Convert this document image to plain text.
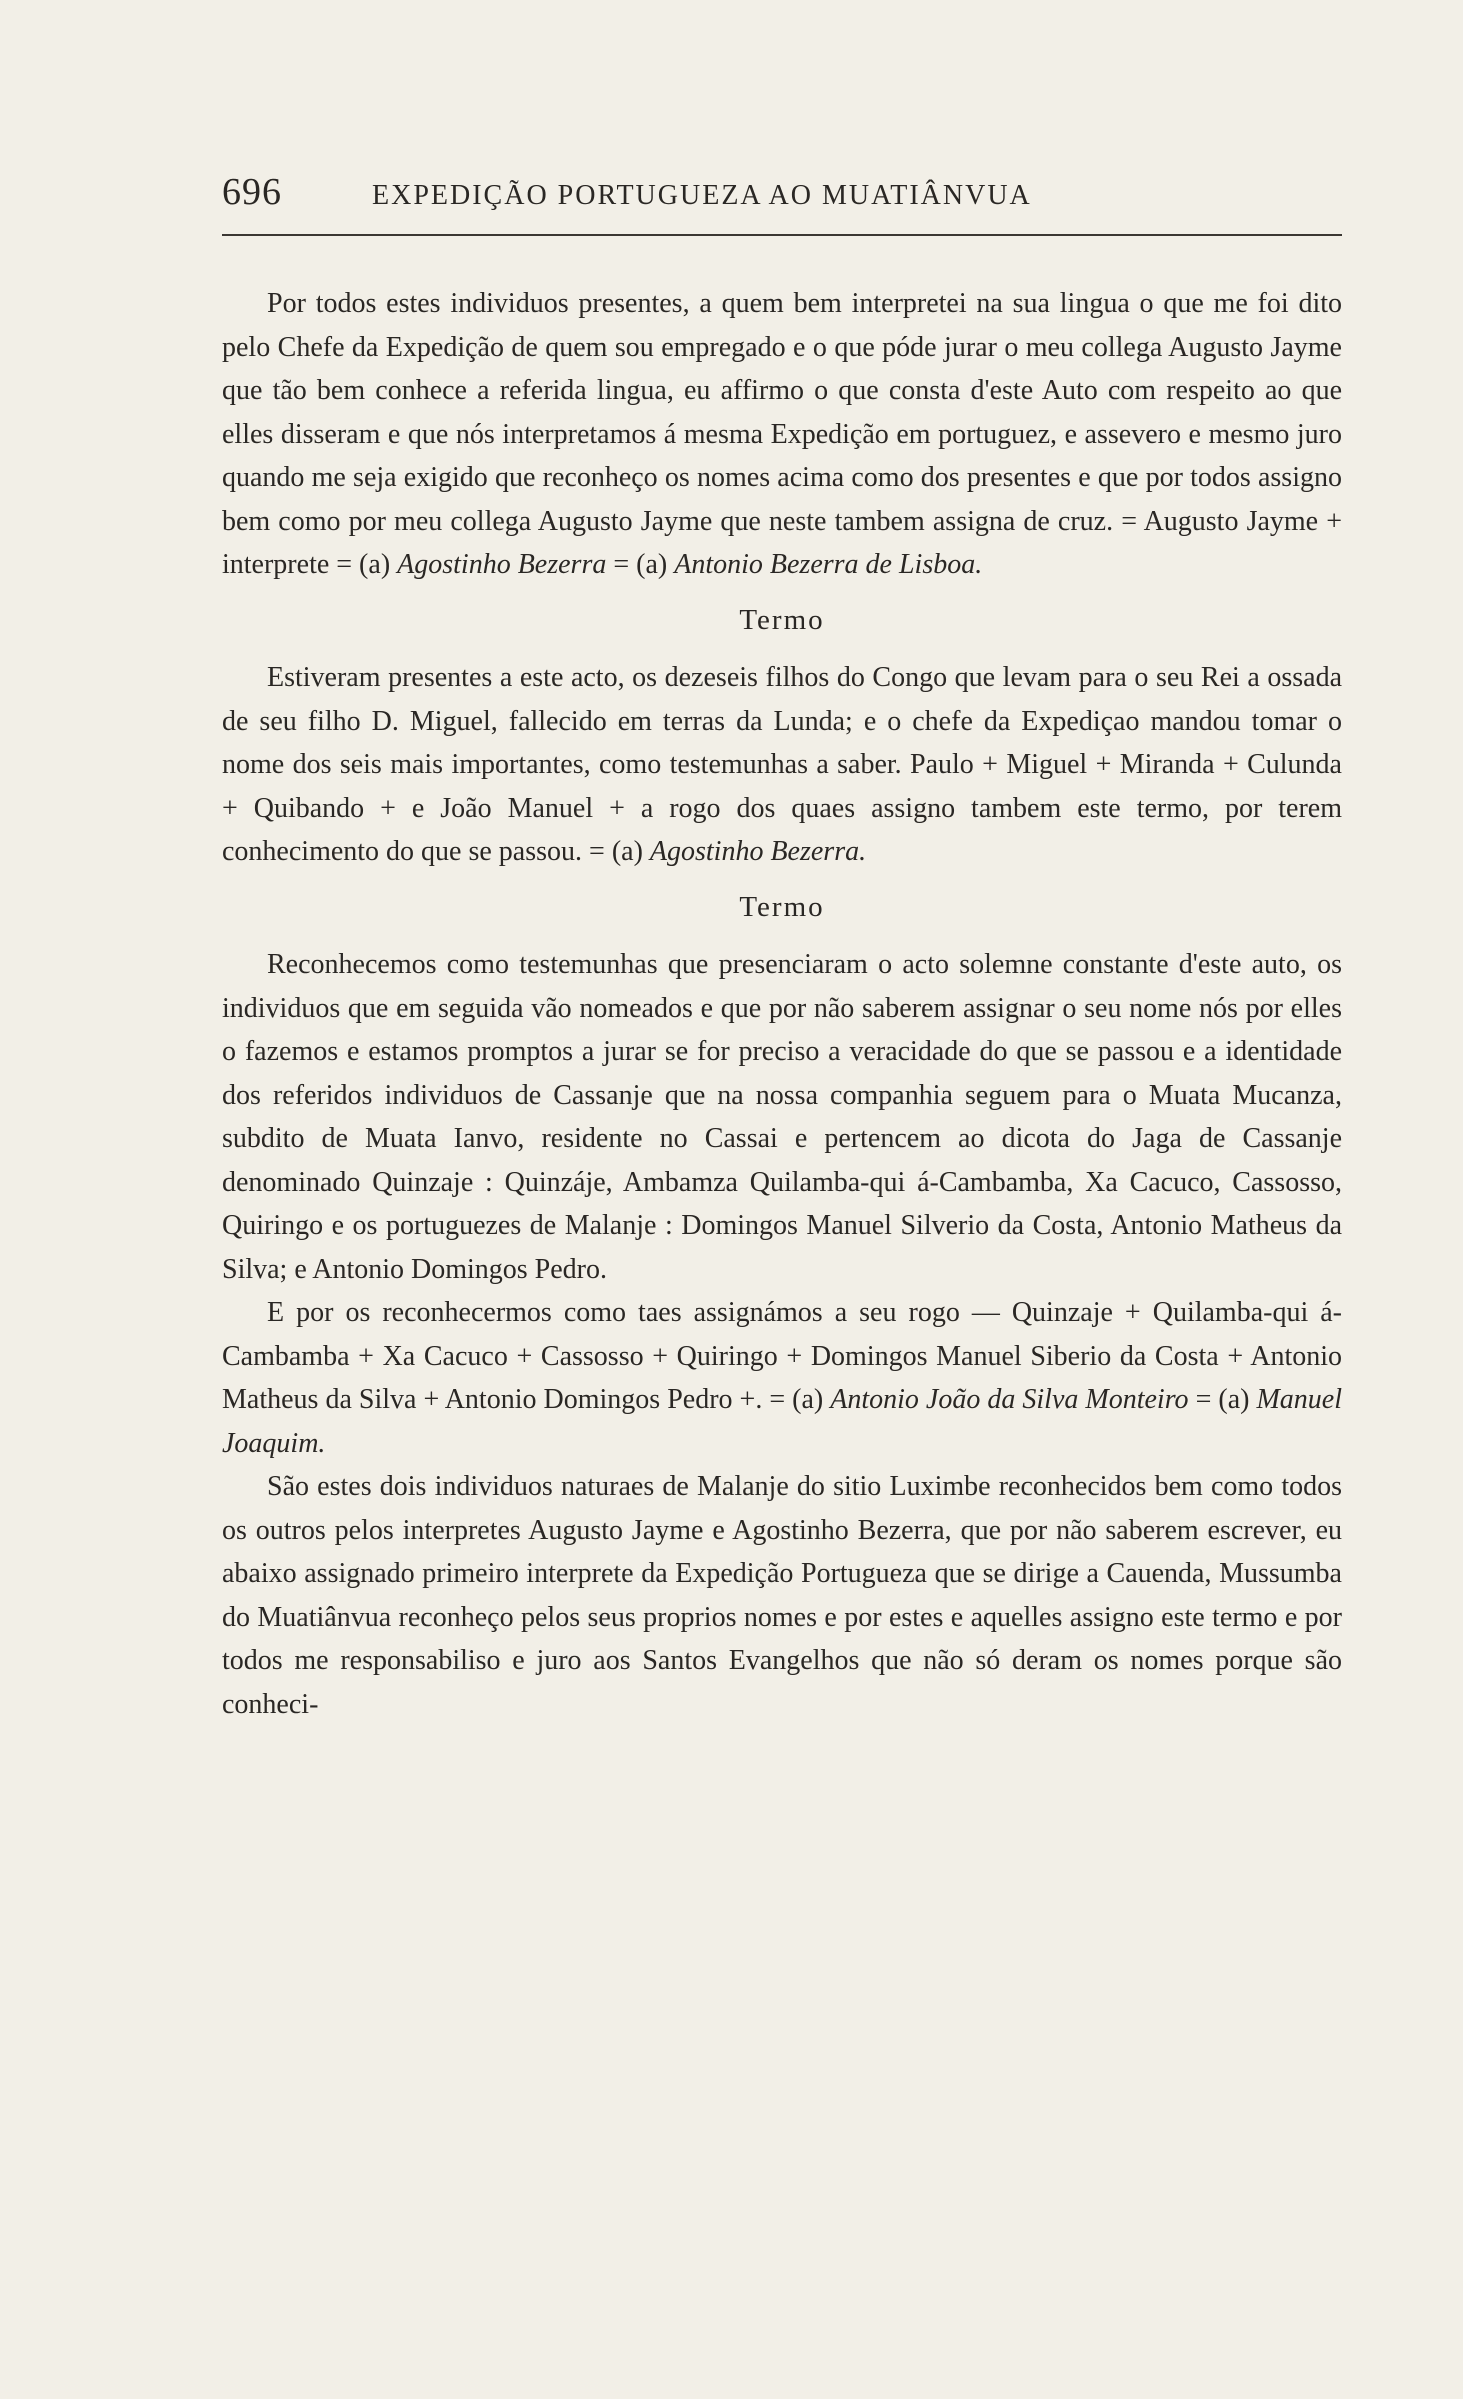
696	EXPEDIÇÃO PORTUGUEZA AO MUATIÂNVUA

Por todos estes individuos presentes, a quem bem interpretei na sua lingua o que me foi dito pelo Chefe da Expedição de quem sou empregado e o que póde jurar o meu collega Augusto Jayme que tão bem conhece a referida lingua, eu affirmo o que consta d'este Auto com respeito ao que elles disseram e que nós interpretamos á mesma Expedição em portuguez, e assevero e mesmo juro quando me seja exigido que reconheço os nomes acima como dos presentes e que por todos assigno bem como por meu collega Augusto Jayme que neste tambem assigna de cruz. = Augusto Jayme + interprete = (a) Agostinho Bezerra = (a) Antonio Bezerra de Lisboa.

Termo

Estiveram presentes a este acto, os dezeseis filhos do Congo que levam para o seu Rei a ossada de seu filho D. Miguel, fallecido em terras da Lunda; e o chefe da Expediçao mandou tomar o nome dos seis mais importantes, como testemunhas a saber. Paulo + Miguel + Miranda + Culunda + Quibando + e João Manuel + a rogo dos quaes assigno tambem este termo, por terem conhecimento do que se passou. = (a) Agostinho Bezerra.

Termo

Reconhecemos como testemunhas que presenciaram o acto solemne constante d'este auto, os individuos que em seguida vão nomeados e que por não saberem assignar o seu nome nós por elles o fazemos e estamos promptos a jurar se for preciso a veracidade do que se passou e a identidade dos referidos individuos de Cassanje que na nossa companhia seguem para o Muata Mucanza, subdito de Muata Ianvo, residente no Cassai e pertencem ao dicota do Jaga de Cassanje denominado Quinzaje : Quinzáje, Ambamza Quilamba-qui á-Cambamba, Xa Cacuco, Cassosso, Quiringo e os portuguezes de Malanje : Domingos Manuel Silverio da Costa, Antonio Matheus da Silva; e Antonio Domingos Pedro.

E por os reconhecermos como taes assignámos a seu rogo — Quinzaje + Quilamba-qui á-Cambamba + Xa Cacuco + Cassosso + Quiringo + Domingos Manuel Siberio da Costa + Antonio Matheus da Silva + Antonio Domingos Pedro +. = (a) Antonio João da Silva Monteiro = (a) Manuel Joaquim.

São estes dois individuos naturaes de Malanje do sitio Luximbe reconhecidos bem como todos os outros pelos interpretes Augusto Jayme e Agostinho Bezerra, que por não saberem escrever, eu abaixo assignado primeiro interprete da Expedição Portugueza que se dirige a Cauenda, Mussumba do Muatiânvua reconheço pelos seus proprios nomes e por estes e aquelles assigno este termo e por todos me responsabiliso e juro aos Santos Evangelhos que não só deram os nomes porque são conheci-
